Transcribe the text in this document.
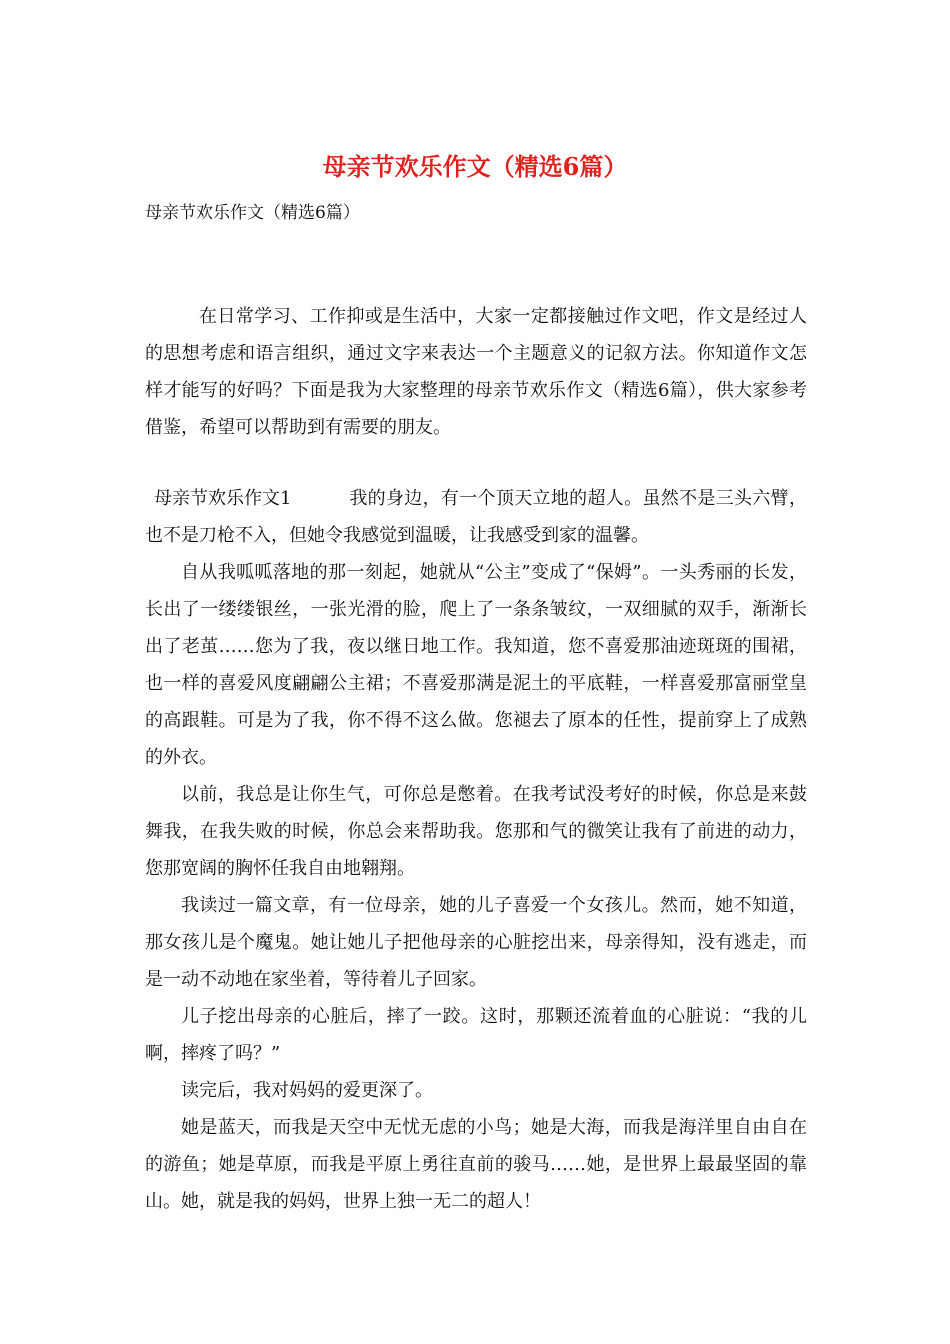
母亲节欢乐作文（精选6篇）
母亲节欢乐作文（精选6篇）

在日常学习、工作抑或是生活中，大家一定都接触过作文吧，作文是经过人的思想考虑和语言组织，通过文字来表达一个主题意义的记叙方法。你知道作文怎样才能写的好吗？下面是我为大家整理的母亲节欢乐作文（精选6篇），供大家参考借鉴，希望可以帮助到有需要的朋友。

母亲节欢乐作文1	我的身边，有一个顶天立地的超人。虽然不是三头六臂，也不是刀枪不入，但她令我感觉到温暖，让我感受到家的温馨。

自从我呱呱落地的那一刻起，她就从“公主”变成了“保姆”。一头秀丽的长发，长出了一缕缕银丝，一张光滑的脸，爬上了一条条皱纹，一双细腻的双手，渐渐长出了老茧……您为了我，夜以继日地工作。我知道，您不喜爱那油迹斑斑的围裙，也一样的喜爱风度翩翩公主裙；不喜爱那满是泥土的平底鞋，一样喜爱那富丽堂皇的高跟鞋。可是为了我，你不得不这么做。您褪去了原本的任性，提前穿上了成熟的外衣。

以前，我总是让你生气，可你总是憋着。在我考试没考好的时候，你总是来鼓舞我，在我失败的时候，你总会来帮助我。您那和气的微笑让我有了前进的动力，您那宽阔的胸怀任我自由地翱翔。

我读过一篇文章，有一位母亲，她的儿子喜爱一个女孩儿。然而，她不知道，那女孩儿是个魔鬼。她让她儿子把他母亲的心脏挖出来，母亲得知，没有逃走，而是一动不动地在家坐着，等待着儿子回家。

儿子挖出母亲的心脏后，摔了一跤。这时，那颗还流着血的心脏说：“我的儿啊，摔疼了吗？”

读完后，我对妈妈的爱更深了。

她是蓝天，而我是天空中无忧无虑的小鸟；她是大海，而我是海洋里自由自在的游鱼；她是草原，而我是平原上勇往直前的骏马……她，是世界上最最坚固的靠山。她，就是我的妈妈，世界上独一无二的超人！
